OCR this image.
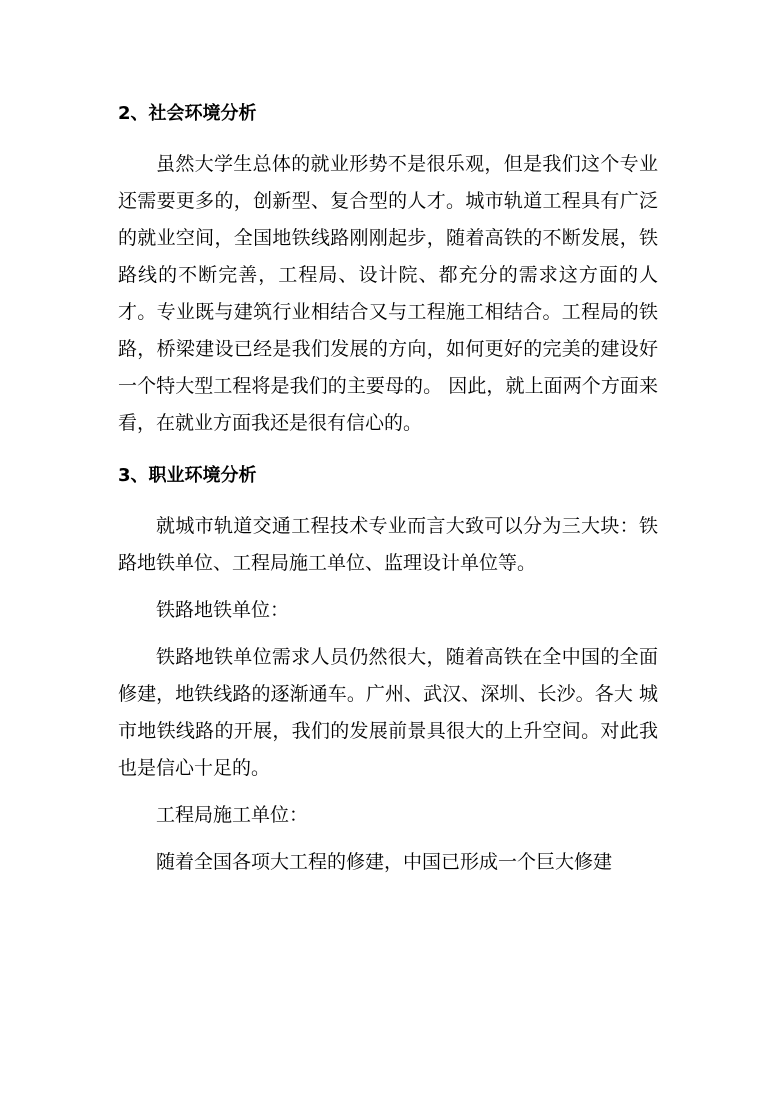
2、社会环境分析

虽然大学生总体的就业形势不是很乐观，但是我们这个专业还需要更多的，创新型、复合型的人才。城市轨道工程具有广泛的就业空间，全国地铁线路刚刚起步，随着高铁的不断发展，铁路线的不断完善，工程局、设计院、都充分的需求这方面的人才。专业既与建筑行业相结合又与工程施工相结合。工程局的铁路，桥梁建设已经是我们发展的方向，如何更好的完美的建设好一个特大型工程将是我们的主要母的。 因此，就上面两个方面来看，在就业方面我还是很有信心的。

3、职业环境分析

就城市轨道交通工程技术专业而言大致可以分为三大块：铁路地铁单位、工程局施工单位、监理设计单位等。

铁路地铁单位：

铁路地铁单位需求人员仍然很大，随着高铁在全中国的全面修建，地铁线路的逐渐通车。广州、武汉、深圳、长沙。各大 城市地铁线路的开展，我们的发展前景具很大的上升空间。对此我也是信心十足的。

工程局施工单位：

随着全国各项大工程的修建，中国已形成一个巨大修建
